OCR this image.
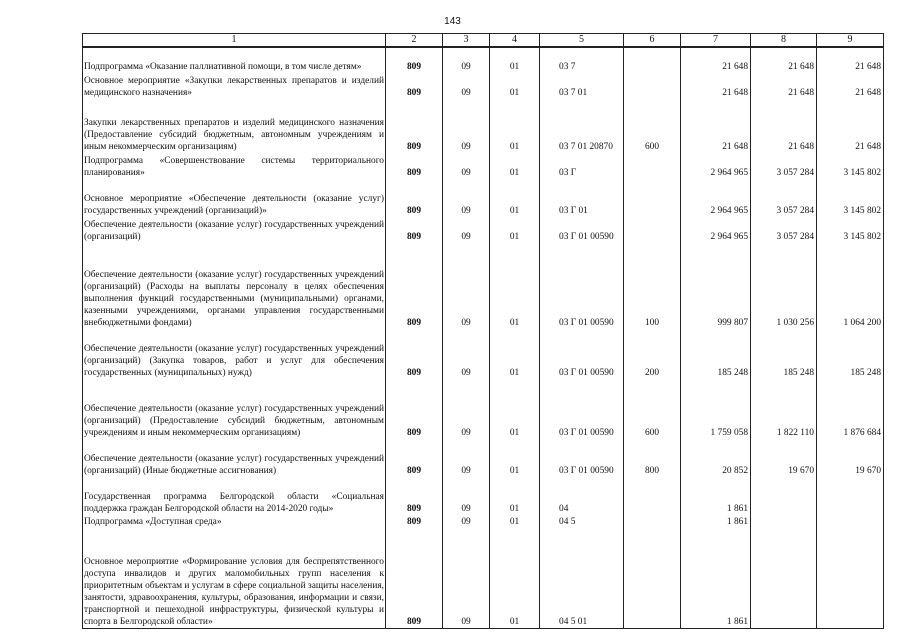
143
1	2	3	4	5	6	7	8	9
Подпрограмма «Оказание паллиативной помощи, в том числе детям»	809	09	01	03 7		21 648	21 648	21 648
Основное мероприятие «Закупки лекарственных препаратов и изделий медицинского назначения»	809	09	01	03 7 01		21 648	21 648	21 648
Закупки лекарственных препаратов и изделий медицинского назначения (Предоставление субсидий бюджетным, автономным учреждениям и иным некоммерческим организациям)	809	09	01	03 7 01 20870	600	21 648	21 648	21 648
Подпрограмма «Совершенствование системы территориального планирования»	809	09	01	03 Г		2 964 965	3 057 284	3 145 802
Основное мероприятие «Обеспечение деятельности (оказание услуг) государственных учреждений (организаций)»	809	09	01	03 Г 01		2 964 965	3 057 284	3 145 802
Обеспечение деятельности (оказание услуг) государственных учреждений (организаций)	809	09	01	03 Г 01 00590		2 964 965	3 057 284	3 145 802
Обеспечение деятельности (оказание услуг) государственных учреждений (организаций) (Расходы на выплаты персоналу в целях обеспечения выполнения функций государственными (муниципальными) органами, казенными учреждениями, органами управления государственными внебюджетными фондами)	809	09	01	03 Г 01 00590	100	999 807	1 030 256	1 064 200
Обеспечение деятельности (оказание услуг) государственных учреждений (организаций) (Закупка товаров, работ и услуг для обеспечения государственных (муниципальных) нужд)	809	09	01	03 Г 01 00590	200	185 248	185 248	185 248
Обеспечение деятельности (оказание услуг) государственных учреждений (организаций) (Предоставление субсидий бюджетным, автономным учреждениям и иным некоммерческим организациям)	809	09	01	03 Г 01 00590	600	1 759 058	1 822 110	1 876 684
Обеспечение деятельности (оказание услуг) государственных учреждений (организаций) (Иные бюджетные ассигнования)	809	09	01	03 Г 01 00590	800	20 852	19 670	19 670
Государственная программа Белгородской области «Социальная поддержка граждан Белгородской области на 2014-2020 годы»	809	09	01	04		1 861		
Подпрограмма «Доступная среда»	809	09	01	04 5		1 861		
Основное мероприятие «Формирование условия для беспрепятственного доступа инвалидов и других маломобильных групп населения к приоритетным объектам и услугам в сфере социальной защиты населения, занятости, здравоохранения, культуры, образования, информации и связи, транспортной и пешеходной инфраструктуры, физической культуры и спорта в Белгородской области»	809	09	01	04 5 01		1 861		
